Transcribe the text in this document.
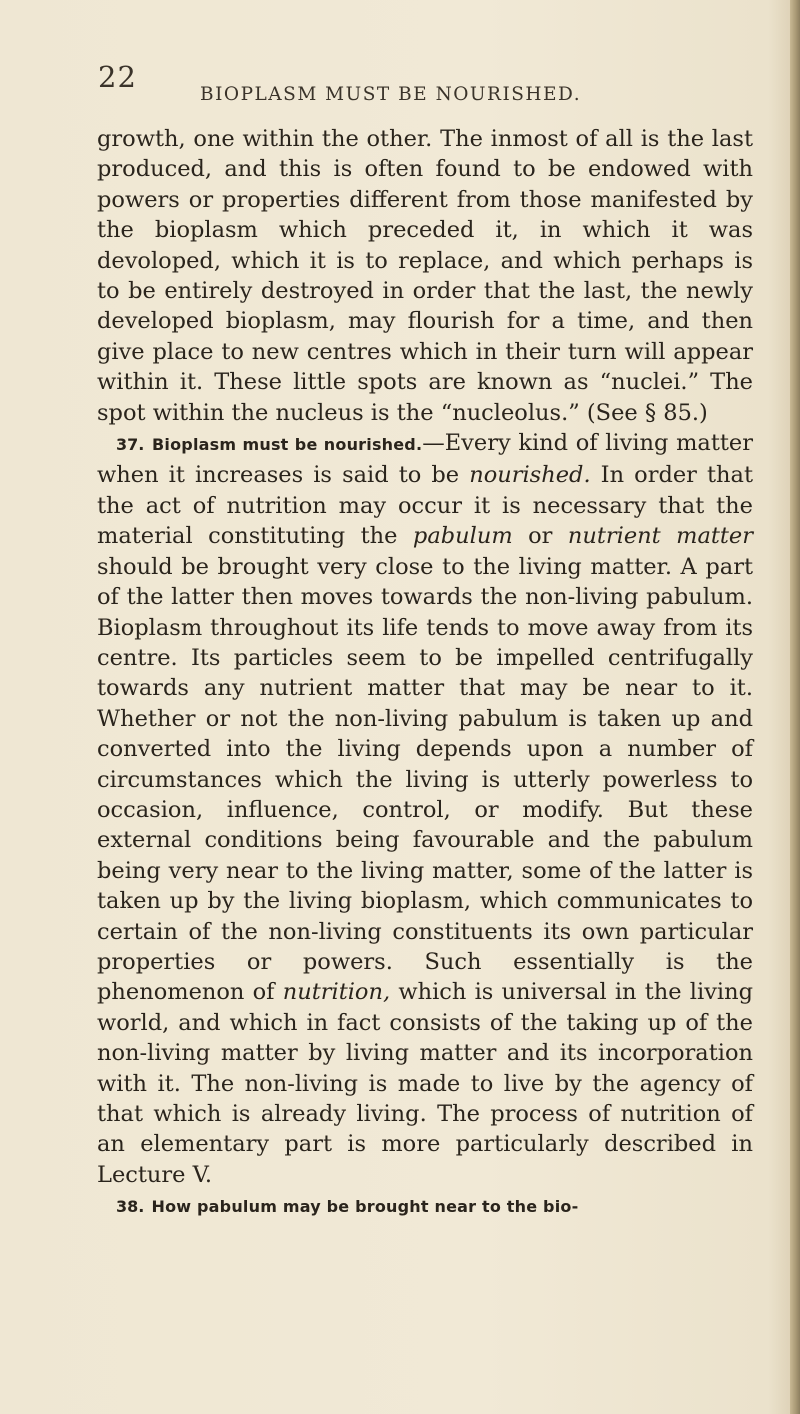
22
BIOPLASM MUST BE NOURISHED.

growth, one within the other. The inmost of all is the last produced, and this is often found to be endowed with powers or properties different from those manifested by the bioplasm which preceded it, in which it was devoloped, which it is to replace, and which perhaps is to be entirely destroyed in order that the last, the newly developed bioplasm, may flourish for a time, and then give place to new centres which in their turn will appear within it. These little spots are known as “nuclei.” The spot within the nucleus is the “nucleolus.” (See § 85.)

37. Bioplasm must be nourished.—Every kind of living matter when it increases is said to be nourished. In order that the act of nutrition may occur it is necessary that the material constituting the pabulum or nutrient matter should be brought very close to the living matter. A part of the latter then moves towards the non-living pabulum. Bioplasm throughout its life tends to move away from its centre. Its particles seem to be impelled centrifugally towards any nutrient matter that may be near to it. Whether or not the non-living pabulum is taken up and converted into the living depends upon a number of circumstances which the living is utterly powerless to occasion, influence, control, or modify. But these external conditions being favourable and the pabulum being very near to the living matter, some of the latter is taken up by the living bioplasm, which communicates to certain of the non-living constituents its own particular properties or powers. Such essentially is the phenomenon of nutrition, which is universal in the living world, and which in fact consists of the taking up of the non-living matter by living matter and its incorporation with it. The non-living is made to live by the agency of that which is already living. The process of nutrition of an elementary part is more particularly described in Lecture V.

38. How pabulum may be brought near to the bio-
